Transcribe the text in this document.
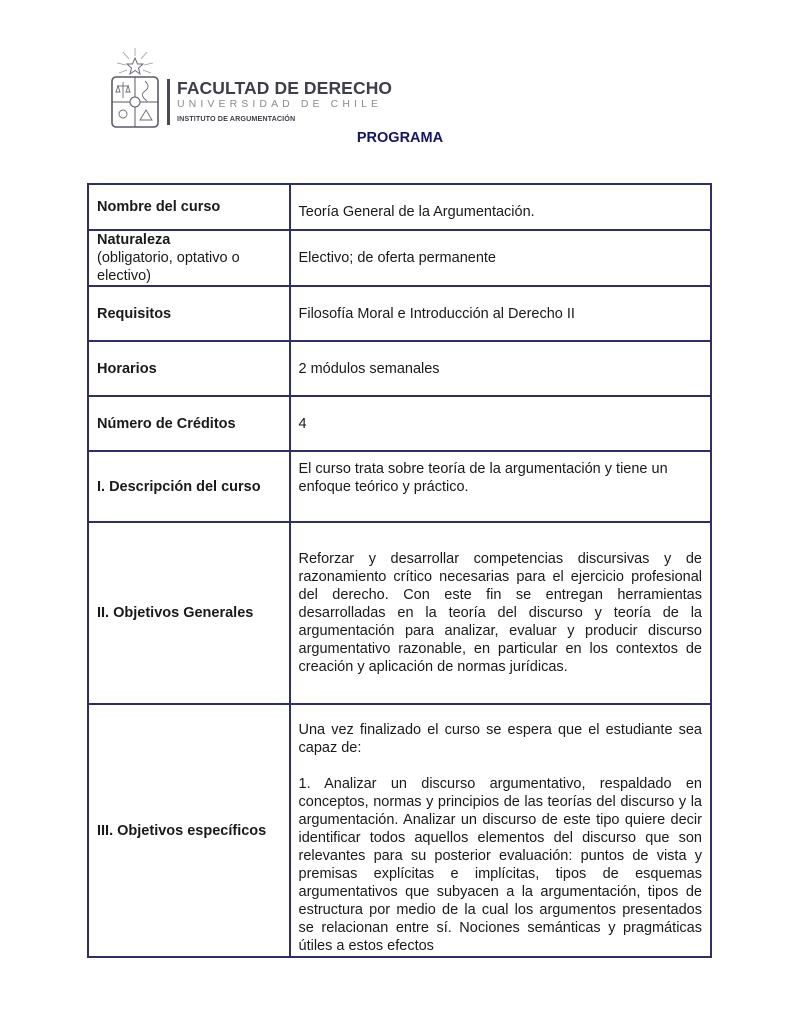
FACULTAD DE DERECHO
UNIVERSIDAD DE CHILE
INSTITUTO DE ARGUMENTACIÓN
PROGRAMA
Nombre del curso	Teoría General de la Argumentación.
Naturaleza
(obligatorio, optativo o electivo)	Electivo; de oferta permanente
Requisitos	Filosofía Moral e Introducción al Derecho II
Horarios	2 módulos semanales
Número de Créditos	4
I. Descripción del curso	El curso trata sobre teoría de la argumentación y tiene un enfoque teórico y práctico.

II. Objetivos Generales	Reforzar y desarrollar competencias discursivas y de razonamiento crítico necesarias para el ejercicio profesional del derecho. Con este fin se entregan herramientas desarrolladas en la teoría del discurso y teoría de la argumentación para analizar, evaluar y producir discurso argumentativo razonable, en particular en los contextos de creación y aplicación de normas jurídicas.

III. Objetivos específicos	Una vez finalizado el curso se espera que el estudiante sea capaz de:

1. Analizar un discurso argumentativo, respaldado en conceptos, normas y principios de las teorías del discurso y la argumentación. Analizar un discurso de este tipo quiere decir identificar todos aquellos elementos del discurso que son relevantes para su posterior evaluación: puntos de vista y premisas explícitas e implícitas, tipos de esquemas argumentativos que subyacen a la argumentación, tipos de estructura por medio de la cual los argumentos presentados se relacionan entre sí. Nociones semánticas y pragmáticas útiles a estos efectos
